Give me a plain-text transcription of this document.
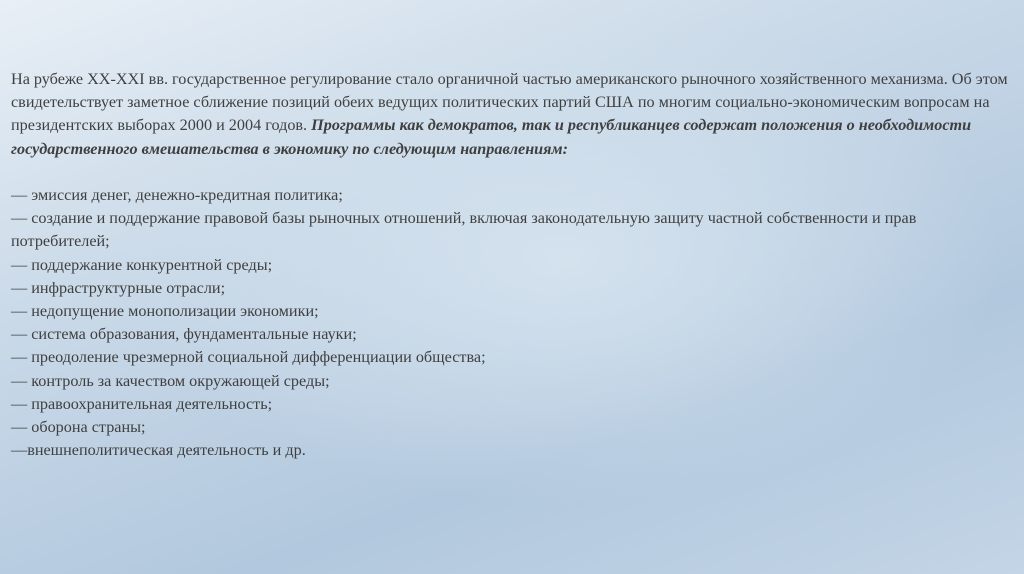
На рубеже XX-XXI вв. государственное регулирование стало органичной частью американского рыночного хозяйственного механизма. Об этом свидетельствует заметное сближение позиций обеих ведущих политических партий США по многим социально-экономическим вопросам на президентских выборах 2000 и 2004 годов. Программы как демократов, так и республиканцев содержат положения о необходимости государственного вмешательства в экономику по следующим направлениям:

— эмиссия денег, денежно-кредитная политика;
— создание и поддержание правовой базы рыночных отношений, включая законодательную защиту частной собственности и прав потребителей;
— поддержание конкурентной среды;
— инфраструктурные отрасли;
— недопущение монополизации экономики;
— система образования, фундаментальные науки;
— преодоление чрезмерной социальной дифференциации общества;
— контроль за качеством окружающей среды;
— правоохранительная деятельность;
— оборона страны;
—внешнеполитическая деятельность и др.
